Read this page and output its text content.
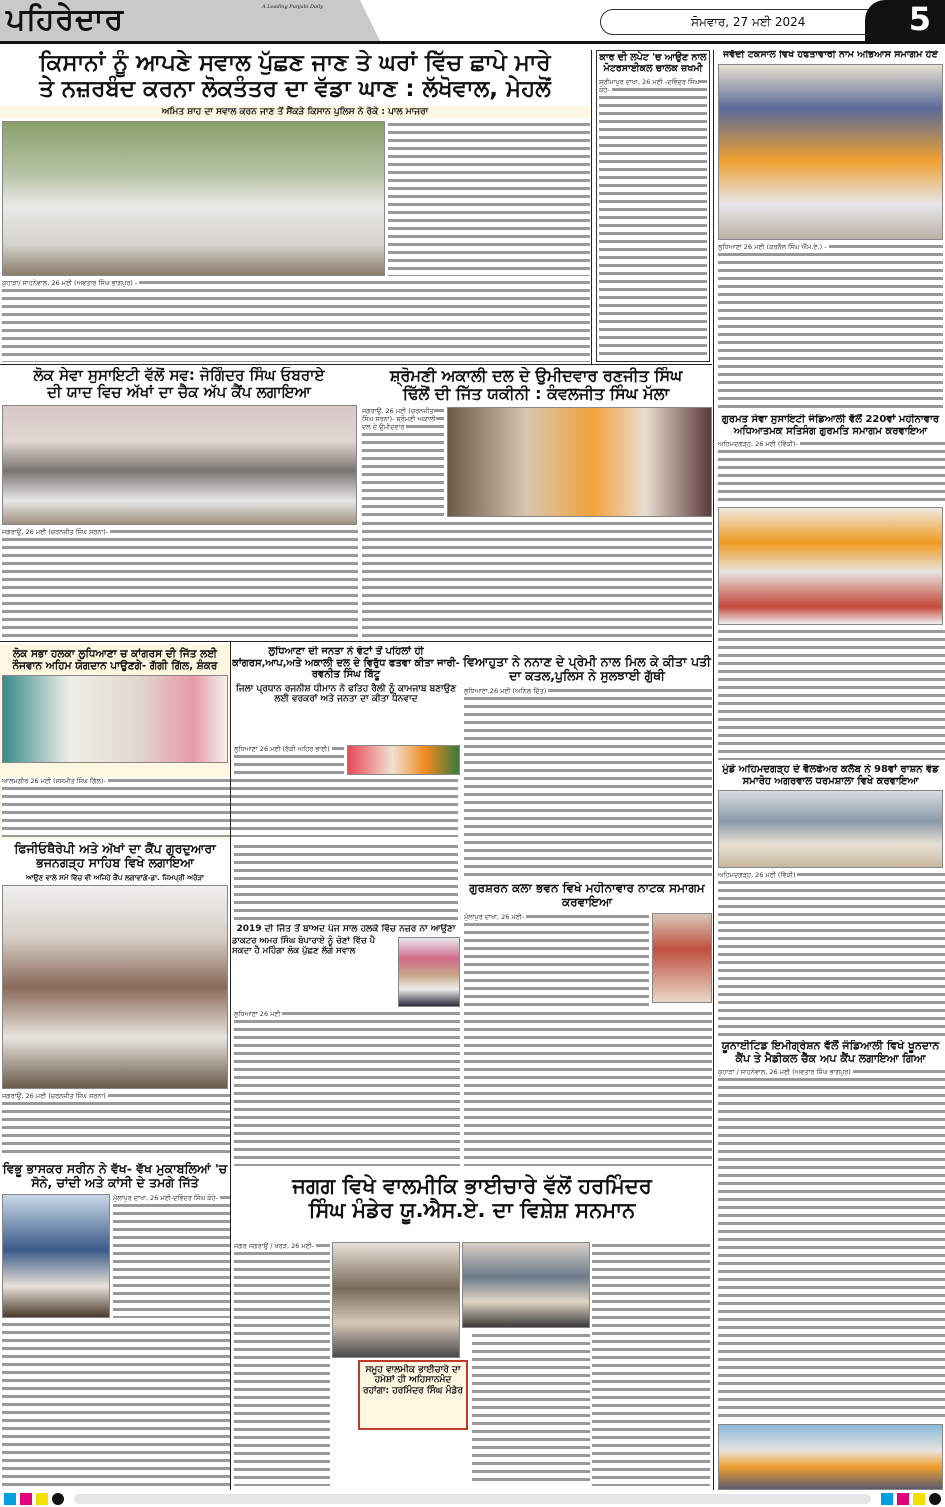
ਪਹਿਰੇਦਾਰ	A Leading Punjabi Daily
ਸੋਮਵਾਰ, 27 ਮਈ 2024	5
ਕਿਸਾਨਾਂ ਨੂੰ ਆਪਣੇ ਸਵਾਲ ਪੁੱਛਣ ਜਾਣ ਤੇ ਘਰਾਂ ਵਿੱਚ ਛਾਪੇ ਮਾਰੇ
ਤੇ ਨਜ਼ਰਬੰਦ ਕਰਨਾ ਲੋਕਤੰਤਰ ਦਾ ਵੱਡਾ ਘਾਣ : ਲੱਖੋਵਾਲ, ਮੇਹਲੋਂ
ਅਮਿਤ ਸ਼ਾਹ ਦਾ ਸਵਾਲ ਕਰਨ ਜਾਣ ਤੋਂ ਸੈਂਕੜੇ ਕਿਸਾਨ ਪੁਲਿਸ ਨੇ ਰੋਕੇ : ਪਾਲ ਮਾਜਰਾ
ਕੁਹਾੜਾ/ ਸਾਹਨੇਵਾਲ, 26 ਮਈ (ਅਵਤਾਰ ਸਿੰਘ ਭਾਗਪੁਰ) -
ਕਾਰ ਦੀ ਲਪੇਟ 'ਚ ਆਉਣ ਨਾਲ ਮੋਟਰਸਾਈਕਲ ਚਾਲਕ ਜ਼ਖਮੀ
ਸ਼੍ਰੀਮਾਪੁਰ ਦਾਖਾ, 26 ਮਈ -ਦਵਿੰਦਰ ਸਿੰਘ ਕੋਹੇ-
ਜਵੱਦੀ ਟਕਸਾਲ ਵਿਖੇ ਹਫਤਾਵਾਰੀ ਨਾਮ ਅਭਿਆਸ ਸਮਾਗਮ ਹੋਏ
ਲੁਧਿਆਣਾ 26 ਮਈ (ਕਰਨੈਲ ਸਿੰਘ ਐੱਮ.ਏ.) -
ਲੋਕ ਸੇਵਾ ਸੁਸਾਇਟੀ ਵੱਲੋਂ ਸਵ: ਜੋਗਿੰਦਰ ਸਿੰਘ ਓਬਰਾਏ
ਦੀ ਯਾਦ ਵਿਚ ਅੱਖਾਂ ਦਾ ਚੈਕ ਅੱਪ ਕੈਂਪ ਲਗਾਇਆ
ਜਗਰਾਉਂ, 26 ਮਈ (ਚਰਨਜੀਤ ਸਿੰਘ ਸਰਨਾ)-
ਸ਼੍ਰੋਮਣੀ ਅਕਾਲੀ ਦਲ ਦੇ ਉਮੀਦਵਾਰ ਰਣਜੀਤ ਸਿੰਘ
ਢਿੱਲੋਂ ਦੀ ਜਿੱਤ ਯਕੀਨੀ : ਕੰਵਲਜੀਤ ਸਿੰਘ ਮੱਲਾ
ਜਗਰਾਉਂ, 26 ਮਈ (ਚਰਨਜੀਤ ਸਿੰਘ ਸਰਨਾ)- ਸ਼੍ਰੋਮਣੀ ਅਕਾਲੀ ਦਲ ਦੇ ਉਮੀਦਵਾਰ
ਗੁਰਮਤ ਸੇਵਾ ਸੁਸਾਇਟੀ ਜੰਡਿਆਲੀ ਵੱਲੋਂ 220ਵਾਂ ਮਹੀਨਾਵਾਰ ਅਧਿਆਤਮਕ ਸਤਿਸੰਗ ਗੁਰਮਤਿ ਸਮਾਗਮ ਕਰਵਾਇਆ
ਅਹਿਮਦਗੜ੍ਹ, 26 ਮਈ (ਵਿੱਕੀ)-
ਲੋਕ ਸਭਾ ਹਲਕਾ ਲੁਧਿਆਣਾ ਚ ਕਾਂਗਰਸ ਦੀ ਜਿੱਤ ਲਈ ਨੌਜਵਾਨ ਅਹਿਮ ਯੋਗਦਾਨ ਪਾਉਣਗੇ- ਗੱਗੀ ਗਿੱਲ, ਸ਼ੰਕਰ
ਆਲਮਗੀਰ 26 ਮਈ (ਜਸਮੀਤ ਸਿੰਘ ਗਿੱਲ)-
ਲੁਧਿਆਣਾ ਦੀ ਜਨਤਾ ਨੇ ਵੋਟਾਂ ਤੋਂ ਪਹਿਲਾਂ ਹੀ ਕਾਂਗਰਸ,ਆਪ,ਅਤੇ ਅਕਾਲੀ ਦਲ ਦੇ ਵਿਰੁੱਧ ਫਤਵਾ ਕੀਤਾ ਜਾਰੀ- ਰਵਨੀਤ ਸਿੰਘ ਬਿੱਟੂ
ਜਿਲਾ ਪ੍ਰਧਾਨ ਰਜਨੀਸ਼ ਧੀਮਾਨ ਨੇ ਫਤਿਹ ਰੈਲੀ ਨੂੰ ਕਾਮਜਾਬ ਬਣਾਉਣ ਲਈ ਵਰਕਰਾਂ ਅਤੇ ਜਨਤਾ ਦਾ ਕੀਤਾ ਧੰਨਵਾਦ
ਲੁਧਿਆਣਾ 26 ਮਈ (ਰੱਕੀ ਅਹਿਰ ਭਾਈ)
ਵਿਆਹੁਤਾ ਨੇ ਨਨਾਣ ਦੇ ਪ੍ਰੇਮੀ ਨਾਲ ਮਿਲ ਕੇ ਕੀਤਾ ਪਤੀ ਦਾ ਕਤਲ,ਪੁਲਿਸ ਨੇ ਸੁਲਝਾਈ ਗੁੱਥੀ
ਲੁਧਿਆਣਾ,26 ਮਈ (ਅਨਿਲ ਦਿੱਤ)
ਮੁੰਡੇ ਅਹਿਮਦਗੜ੍ਹ ਦੇ ਵੈਲਫੇਅਰ ਕਲੱਬ ਨੇ 98ਵਾਂ ਰਾਸ਼ਨ ਵੰਡ ਸਮਾਰੋਹ ਅਗਰਵਾਲ ਧਰਮਸ਼ਾਲਾ ਵਿਖੇ ਕਰਵਾਇਆ
ਅਹਿਮਦਗੜ੍ਹ, 26 ਮਈ (ਵਿੱਕੀ)
ਫਿਜੀਓਥੈਰੇਪੀ ਅਤੇ ਅੱਖਾਂ ਦਾ ਕੈਂਪ ਗੁਰਦੁਆਰਾ ਭਜਨਗੜ੍ਹ ਸਾਹਿਬ ਵਿਖੇ ਲਗਾਇਆ
ਆਉਣ ਵਾਲੇ ਸਮੇਂ ਵਿੱਚ ਵੀ ਅਜਿਹੇ ਕੈਂਪ ਲਗਾਵਾਂਗੇ-ਡਾ. ਜਿਮਪ੍ਰੀ ਅਰੋੜਾ
ਜਗਰਾਉਂ, 26 ਮਈ (ਚਰਨਜੀਤ ਸਿੰਘ ਸਰਨਾ)
2019 ਦੀ ਜਿੱਤ ਤੋਂ ਬਾਅਦ ਪੰਜ ਸਾਲ ਹਲਕੇ ਵਿੱਚ ਨਜ਼ਰ ਨਾ ਆਉਣਾ
ਡਾਕਟਰ ਅਮਰ ਸਿੰਘ ਬੋਪਾਰਾਏ ਨੂੰ ਚੋਣਾਂ ਵਿੱਚ ਪੈ ਸਕਦਾ ਹੈ ਮਹਿੰਗਾ ਲੋਕ ਪੁੱਛਣ ਲੱਗੇ ਸਵਾਲ
ਲੁਧਿਆਣਾ 26 ਮਈ
ਗੁਰਸ਼ਰਨ ਕਲਾ ਭਵਨ ਵਿਖੇ ਮਹੀਨਾਵਾਰ ਨਾਟਕ ਸਮਾਗਮ ਕਰਵਾਇਆ
ਮੁੱਲਾਂਪੁਰ ਦਾਖਾ, 26 ਮਈ-
ਯੂਨਾਈਟਿਡ ਇਮੀਗ੍ਰੇਸ਼ਨ ਵੱਲੋਂ ਜੰਡਿਆਲੀ ਵਿਖੇ ਖੂਨਦਾਨ ਕੈਂਪ ਤੇ ਮੈਡੀਕਲ ਚੈੱਕ ਅਪ ਕੈਂਪ ਲਗਾਇਆ ਗਿਆ
ਕੁਹਾੜਾ / ਸਾਹਨੇਵਾਲ, 26 ਮਈ (ਅਵਤਾਰ ਸਿੰਘ ਭਾਗਪੁਰ)
ਜਗਗ ਵਿਖੇ ਵਾਲਮੀਕਿ ਭਾਈਚਾਰੇ ਵੱਲੋਂ ਹਰਮਿੰਦਰ
ਸਿੰਘ ਮੰਡੇਰ ਯੂ.ਐਸ.ਏ. ਦਾ ਵਿਸ਼ੇਸ਼ ਸਨਮਾਨ
ਜਗਰ ਜਗਰਾਉਂ / ਖਰੜ, 26 ਮਈ-
ਸਮੂਹ ਵਾਲਮੀਕ ਭਾਈਚਾਰੇ ਦਾ ਹਮੇਸ਼ਾਂ ਹੀ ਅਹਿਸਾਨਮੰਦ ਰਹਾਂਗਾ: ਹਰਮਿੰਦਰ ਸਿੰਘ ਮੰਡੇਰ
ਵਿਭੂ ਭਾਸਕਰ ਸਰੀਨ ਨੇ ਵੱਖ- ਵੱਖ ਮੁਕਾਬਲਿਆਂ 'ਚ ਸੋਨੇ, ਚਾਂਦੀ ਅਤੇ ਕਾਂਸੀ ਦੇ ਤਮਗੇ ਜਿੱਤੇ
ਮੁੱਲਾਂਪੁਰ ਦਾਖਾ, 26 ਮਈ-ਦਵਿੰਦਰ ਸਿੰਘ ਕੋਹੇ-
